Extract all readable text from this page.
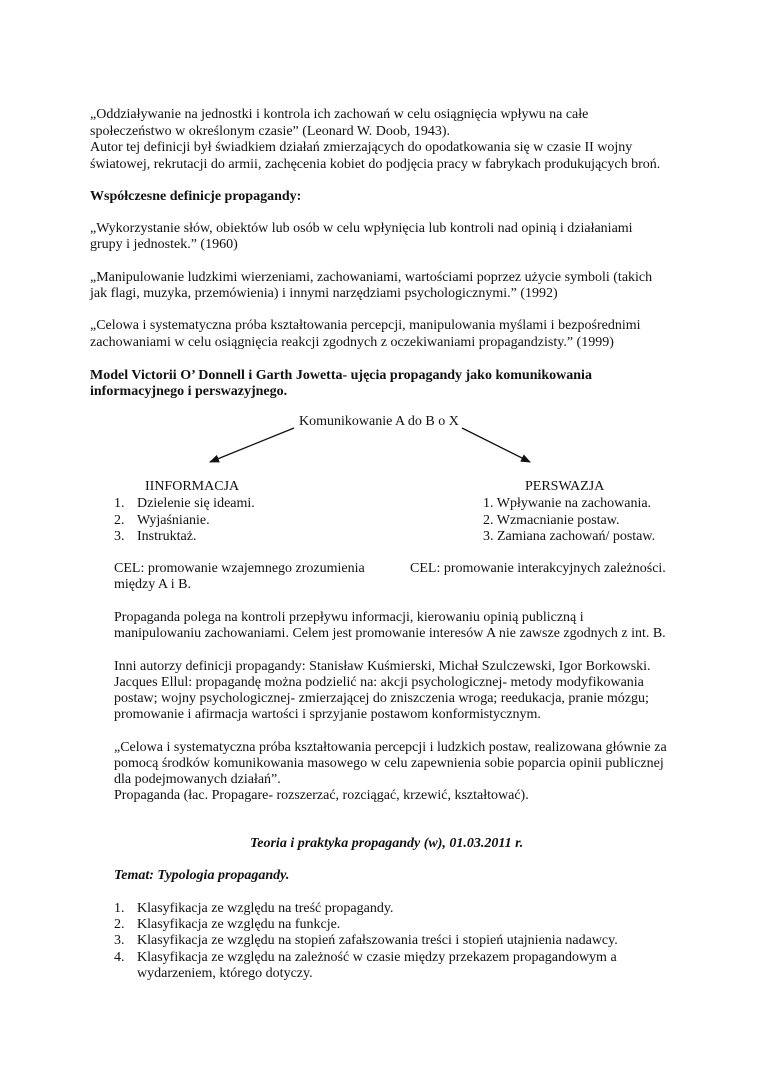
„Oddziaływanie na jednostki i kontrola ich zachowań w celu osiągnięcia wpływu na całe
społeczeństwo w określonym czasie” (Leonard W. Doob, 1943).
Autor tej definicji był świadkiem działań zmierzających do opodatkowania się w czasie II wojny
światowej, rekrutacji do armii, zachęcenia kobiet do podjęcia pracy w fabrykach produkujących broń.
Współczesne definicje propagandy:
„Wykorzystanie słów, obiektów lub osób w celu wpłynięcia lub kontroli nad opinią i działaniami
grupy i jednostek.” (1960)
„Manipulowanie ludzkimi wierzeniami, zachowaniami, wartościami poprzez użycie symboli (takich
jak flagi, muzyka, przemówienia) i innymi narzędziami psychologicznymi.” (1992)
„Celowa i systematyczna próba kształtowania percepcji, manipulowania myślami i bezpośrednimi
zachowaniami w celu osiągnięcia reakcji zgodnych z oczekiwaniami propagandzisty.” (1999)
Model Victorii O’ Donnell i Garth Jowetta- ujęcia propagandy jako komunikowania
informacyjnego i perswazyjnego.
Komunikowanie A do B o X
IINFORMACJA	PERSWAZJA
1. Dzielenie się ideami.
2. Wyjaśnianie.
3. Instruktaż.
1. Wpływanie na zachowania.
2. Wzmacnianie postaw.
3. Zamiana zachowań/ postaw.
CEL: promowanie wzajemnego zrozumienia
między A i B.
CEL: promowanie interakcyjnych zależności.
Propaganda polega na kontroli przepływu informacji, kierowaniu opinią publiczną i
manipulowaniu zachowaniami. Celem jest promowanie interesów A nie zawsze zgodnych z int. B.
Inni autorzy definicji propagandy: Stanisław Kuśmierski, Michał Szulczewski, Igor Borkowski.
Jacques Ellul: propagandę można podzielić na: akcji psychologicznej- metody modyfikowania
postaw; wojny psychologicznej- zmierzającej do zniszczenia wroga; reedukacja, pranie mózgu;
promowanie i afirmacja wartości i sprzyjanie postawom konformistycznym.
„Celowa i systematyczna próba kształtowania percepcji i ludzkich postaw, realizowana głównie za
pomocą środków komunikowania masowego w celu zapewnienia sobie poparcia opinii publicznej
dla podejmowanych działań”.
Propaganda (łac. Propagare- rozszerzać, rozciągać, krzewić, kształtować).
Teoria i praktyka propagandy (w), 01.03.2011 r.
Temat: Typologia propagandy.
1. Klasyfikacja ze względu na treść propagandy.
2. Klasyfikacja ze względu na funkcje.
3. Klasyfikacja ze względu na stopień zafałszowania treści i stopień utajnienia nadawcy.
4. Klasyfikacja ze względu na zależność w czasie między przekazem propagandowym a
wydarzeniem, którego dotyczy.
